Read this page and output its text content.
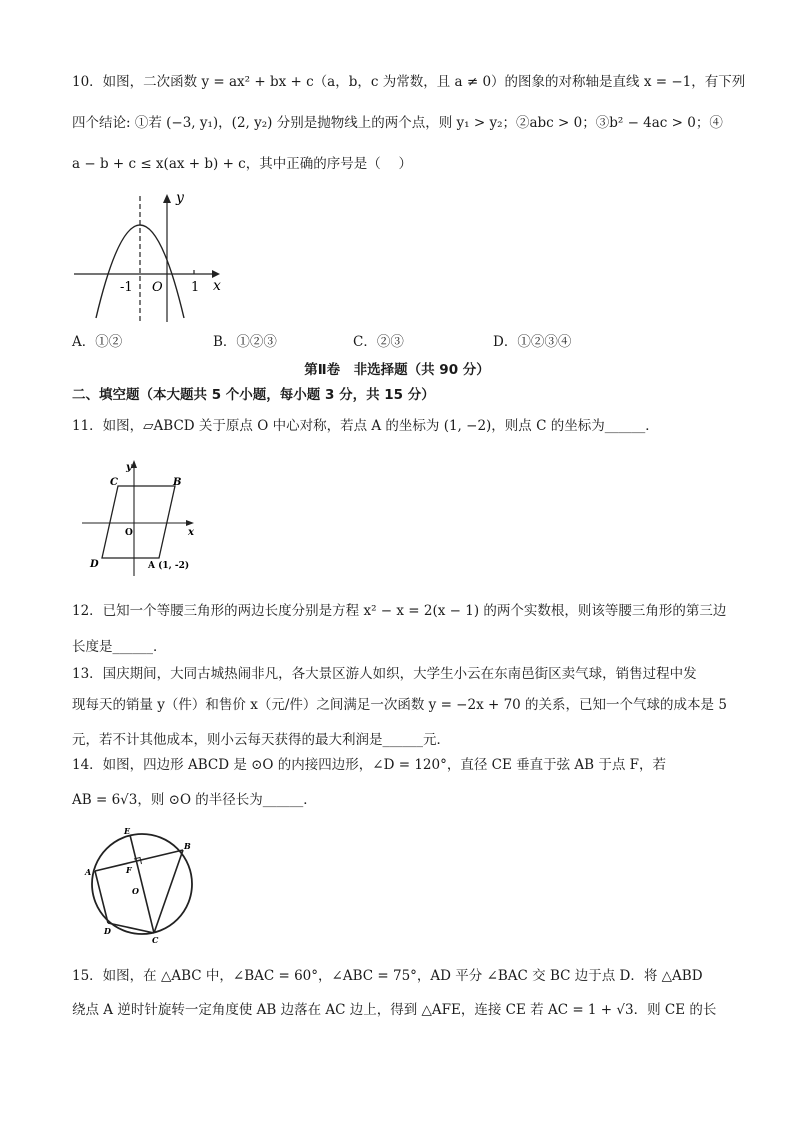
10．如图，二次函数 y = ax² + bx + c（a，b，c 为常数，且 a ≠ 0）的图象的对称轴是直线 x = −1，有下列
四个结论: ①若 (−3, y₁)，(2, y₂) 分别是抛物线上的两个点，则 y₁ > y₂；②abc > 0；③b² − 4ac > 0；④
a − b + c ≤ x(ax + b) + c，其中正确的序号是（　 ）
y
x
-1 O 1
A．①②	B．①②③	C．②③	D．①②③④
第Ⅱ卷　非选择题（共 90 分）
二、填空题（本大题共 5 个小题，每小题 3 分，共 15 分）
11．如图，▱ABCD 关于原点 O 中心对称，若点 A 的坐标为 (1, −2)，则点 C 的坐标为______．
y
x
C	B
O
D	A (1, -2)
12．已知一个等腰三角形的两边长度分别是方程 x² − x = 2(x − 1) 的两个实数根，则该等腰三角形的第三边
长度是______．
13．国庆期间，大同古城热闹非凡，各大景区游人如织，大学生小云在东南邑街区卖气球，销售过程中发
现每天的销量 y（件）和售价 x（元/件）之间满足一次函数 y = −2x + 70 的关系，已知一个气球的成本是 5
元，若不计其他成本，则小云每天获得的最大利润是______元．
14．如图，四边形 ABCD 是 ⊙O 的内接四边形，∠D = 120°，直径 CE 垂直于弦 AB 于点 F，若
AB = 6√3，则 ⊙O 的半径长为______．
E
B
A	F
O
D
C
15．如图，在 △ABC 中，∠BAC = 60°，∠ABC = 75°，AD 平分 ∠BAC 交 BC 边于点 D．将 △ABD
绕点 A 逆时针旋转一定角度使 AB 边落在 AC 边上，得到 △AFE，连接 CE 若 AC = 1 + √3．则 CE 的长
